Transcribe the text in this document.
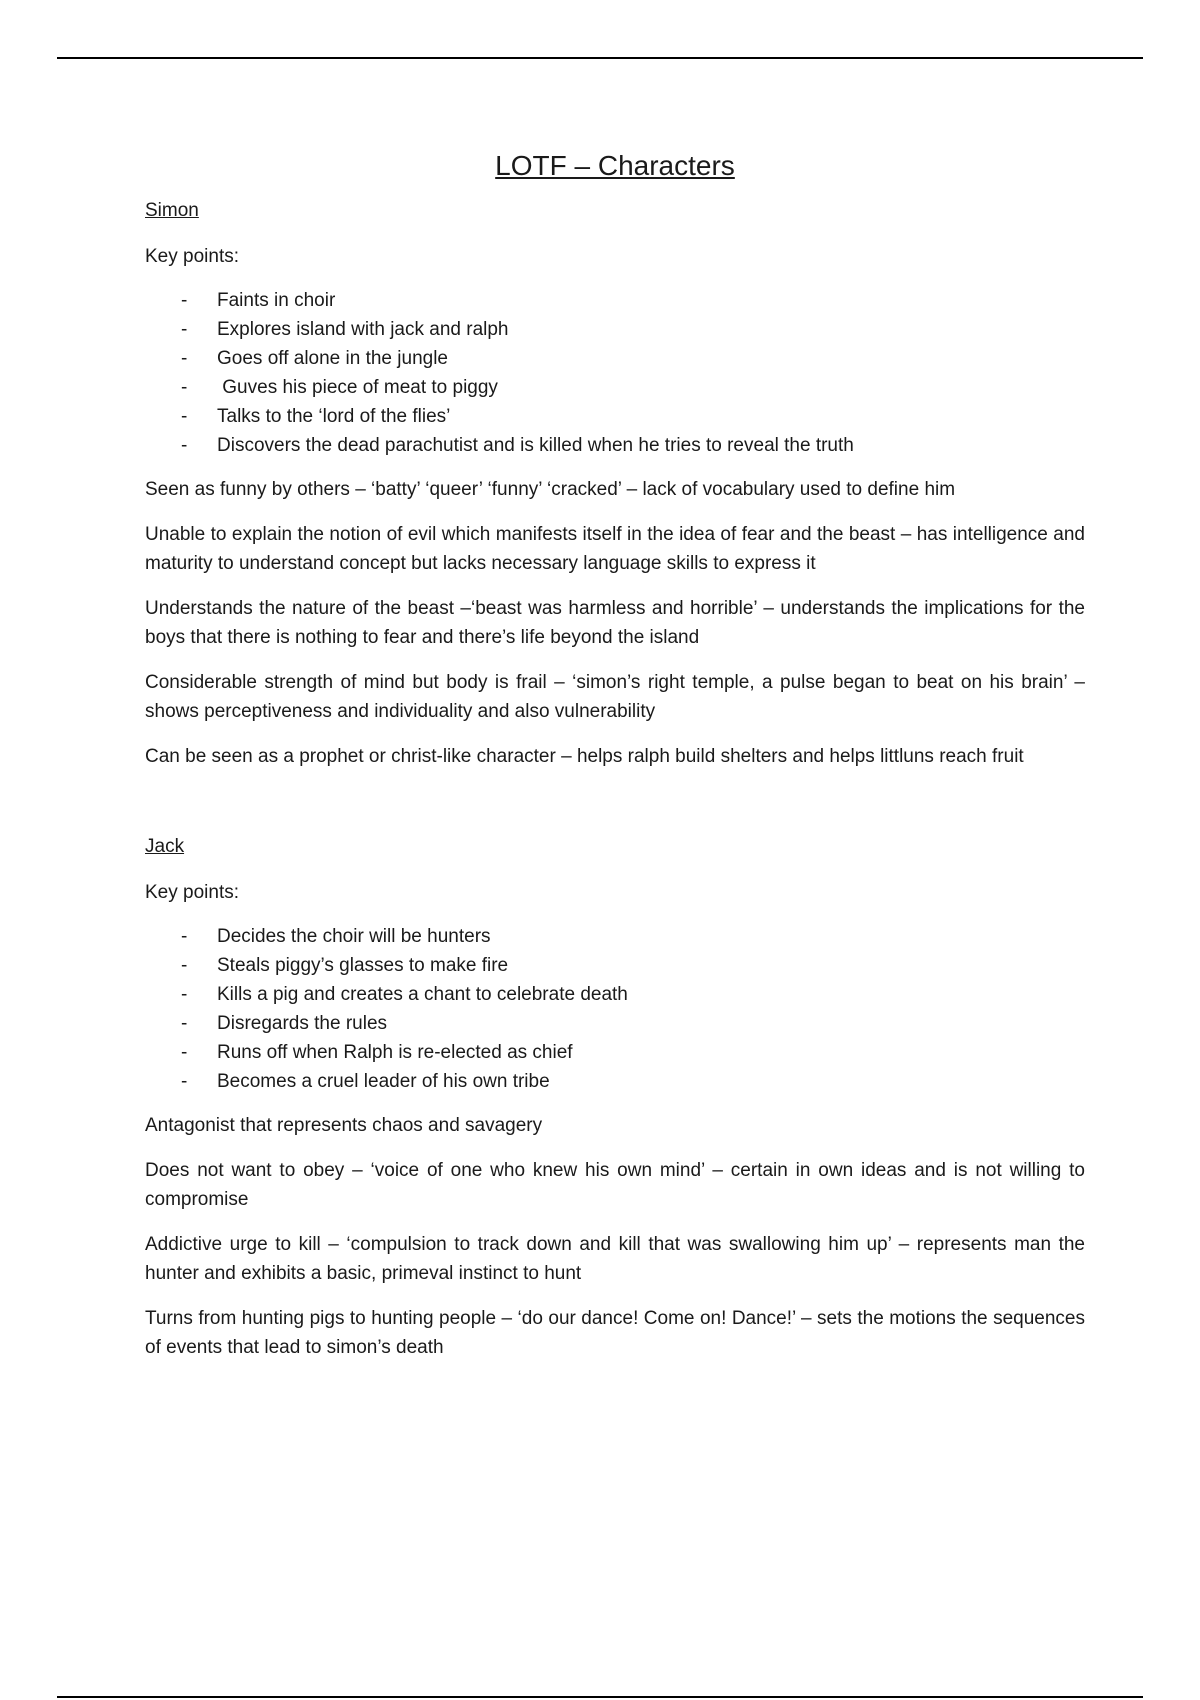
LOTF – Characters
Simon
Key points:
- Faints in choir
- Explores island with jack and ralph
- Goes off alone in the jungle
- Guves his piece of meat to piggy
- Talks to the ‘lord of the flies’
- Discovers the dead parachutist and is killed when he tries to reveal the truth

Seen as funny by others – ‘batty’ ‘queer’ ‘funny’ ‘cracked’ – lack of vocabulary used to define him

Unable to explain the notion of evil which manifests itself in the idea of fear and the beast – has intelligence and maturity to understand concept but lacks necessary language skills to express it

Understands the nature of the beast –‘beast was harmless and horrible’ – understands the implications for the boys that there is nothing to fear and there’s life beyond the island

Considerable strength of mind but body is frail – ‘simon’s right temple, a pulse began to beat on his brain’ – shows perceptiveness and individuality and also vulnerability

Can be seen as a prophet or christ-like character – helps ralph build shelters and helps littluns reach fruit

Jack
Key points:
- Decides the choir will be hunters
- Steals piggy’s glasses to make fire
- Kills a pig and creates a chant to celebrate death
- Disregards the rules
- Runs off when Ralph is re-elected as chief
- Becomes a cruel leader of his own tribe

Antagonist that represents chaos and savagery

Does not want to obey – ‘voice of one who knew his own mind’ – certain in own ideas and is not willing to compromise

Addictive urge to kill – ‘compulsion to track down and kill that was swallowing him up’ – represents man the hunter and exhibits a basic, primeval instinct to hunt

Turns from hunting pigs to hunting people – ‘do our dance! Come on! Dance!’ – sets the motions the sequences of events that lead to simon’s death
